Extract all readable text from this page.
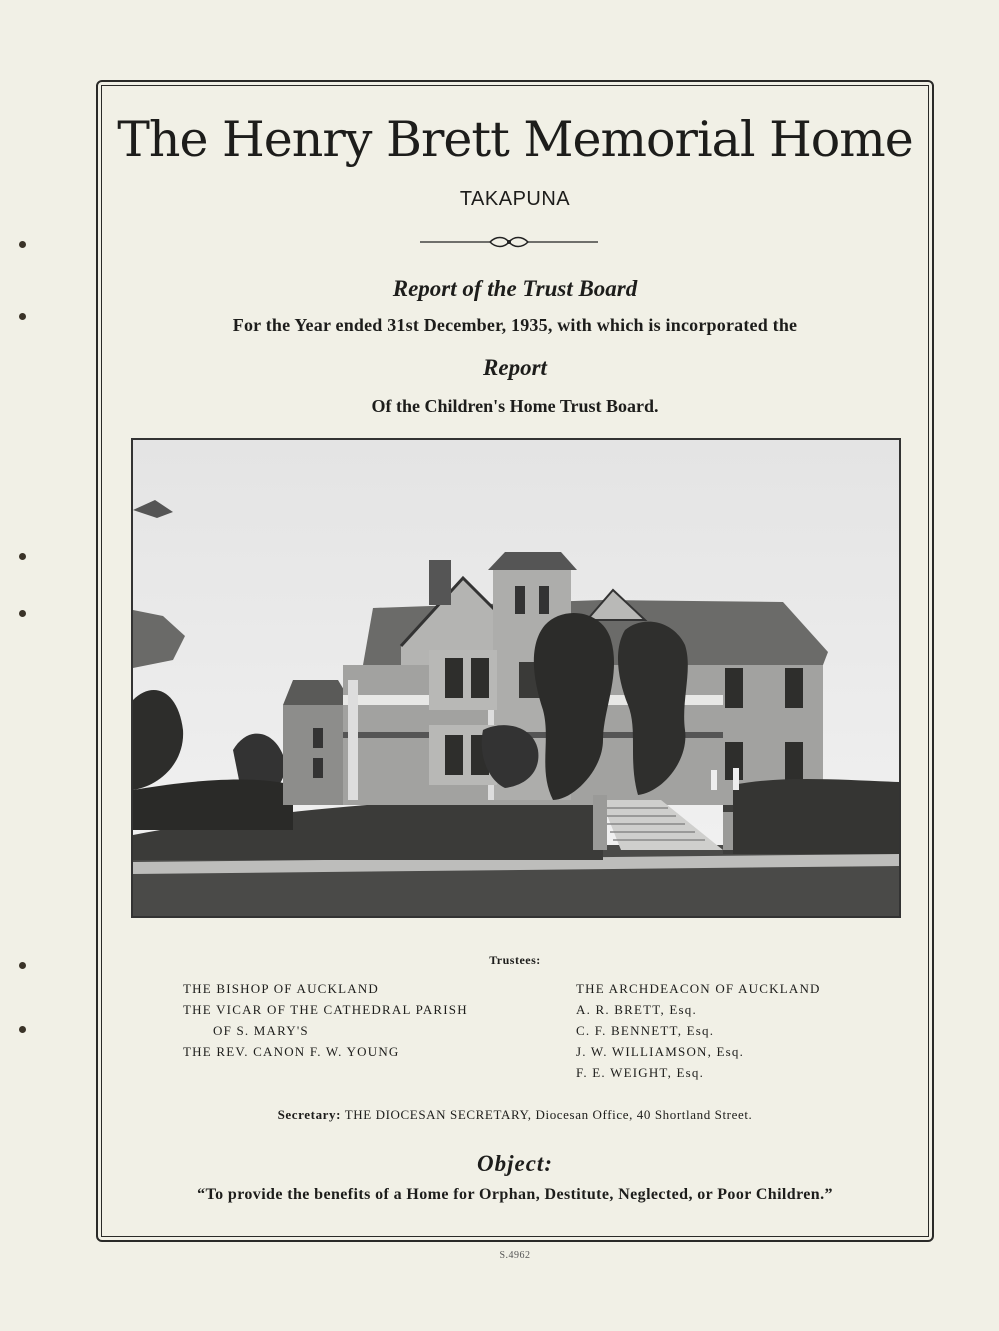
The Henry Brett Memorial Home
TAKAPUNA
Report of the Trust Board
For the Year ended 31st December, 1935, with which is incorporated the
Report
Of the Children's Home Trust Board.
Trustees:
THE BISHOP OF AUCKLAND
THE VICAR OF THE CATHEDRAL PARISH
OF S. MARY'S
THE REV. CANON F. W. YOUNG
THE ARCHDEACON OF AUCKLAND
A. R. BRETT, Esq.
C. F. BENNETT, Esq.
J. W. WILLIAMSON, Esq.
F. E. WEIGHT, Esq.
Secretary: THE DIOCESAN SECRETARY, Diocesan Office, 40 Shortland Street.
Object:
“To provide the benefits of a Home for Orphan, Destitute, Neglected, or Poor Children.”
S.4962
